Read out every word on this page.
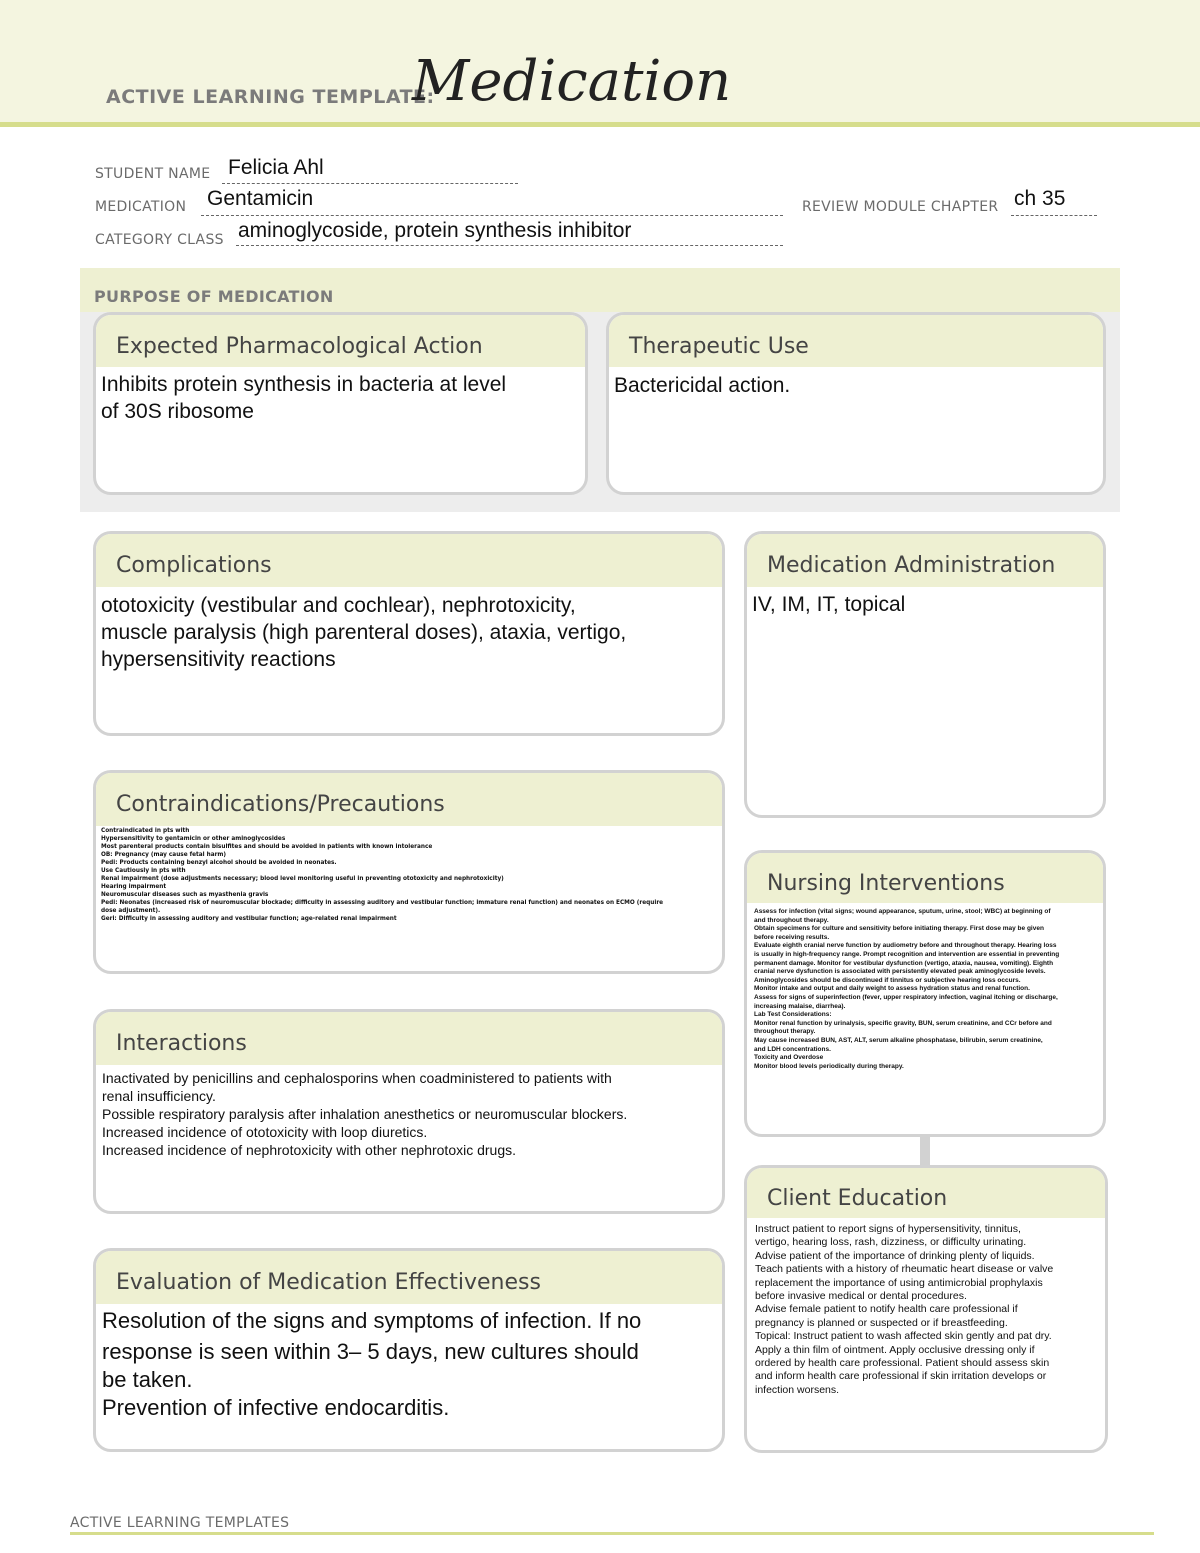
ACTIVE LEARNING TEMPLATE:
Medication
STUDENT NAME Felicia Ahl
MEDICATION Gentamicin	REVIEW MODULE CHAPTER ch 35
CATEGORY CLASS aminoglycoside, protein synthesis inhibitor
PURPOSE OF MEDICATION
Expected Pharmacological Action
Inhibits protein synthesis in bacteria at level
of 30S ribosome
Therapeutic Use
Bactericidal action.
Complications
ototoxicity (vestibular and cochlear), nephrotoxicity,
muscle paralysis (high parenteral doses), ataxia, vertigo,
hypersensitivity reactions
Medication Administration
IV, IM, IT, topical
Contraindications/Precautions
Contraindicated in pts with
Hypersensitivity to gentamicin or other aminoglycosides
Most parenteral products contain bisulfites and should be avoided in patients with known intolerance
OB: Pregnancy (may cause fetal harm)
Pedi: Products containing benzyl alcohol should be avoided in neonates.
Use Cautiously in pts with
Renal impairment (dose adjustments necessary; blood level monitoring useful in preventing ototoxicity and nephrotoxicity)
Hearing impairment
Neuromuscular diseases such as myasthenia gravis
Pedi: Neonates (increased risk of neuromuscular blockade; difficulty in assessing auditory and vestibular function; immature renal function) and neonates on ECMO (require
dose adjustment).
Geri: Difficulty in assessing auditory and vestibular function; age-related renal impairment
Nursing Interventions
Assess for infection (vital signs; wound appearance, sputum, urine, stool; WBC) at beginning of
and throughout therapy.
Obtain specimens for culture and sensitivity before initiating therapy. First dose may be given
before receiving results.
Evaluate eighth cranial nerve function by audiometry before and throughout therapy. Hearing loss
is usually in high-frequency range. Prompt recognition and intervention are essential in preventing
permanent damage. Monitor for vestibular dysfunction (vertigo, ataxia, nausea, vomiting). Eighth
cranial nerve dysfunction is associated with persistently elevated peak aminoglycoside levels.
Aminoglycosides should be discontinued if tinnitus or subjective hearing loss occurs.
Monitor intake and output and daily weight to assess hydration status and renal function.
Assess for signs of superinfection (fever, upper respiratory infection, vaginal itching or discharge,
increasing malaise, diarrhea).
Lab Test Considerations:
Monitor renal function by urinalysis, specific gravity, BUN, serum creatinine, and CCr before and
throughout therapy.
May cause increased BUN, AST, ALT, serum alkaline phosphatase, bilirubin, serum creatinine,
and LDH concentrations.
Toxicity and Overdose
Monitor blood levels periodically during therapy.
Interactions
Inactivated by penicillins and cephalosporins when coadministered to patients with
renal insufficiency.
Possible respiratory paralysis after inhalation anesthetics or neuromuscular blockers.
Increased incidence of ototoxicity with loop diuretics.
Increased incidence of nephrotoxicity with other nephrotoxic drugs.
Client Education
Instruct patient to report signs of hypersensitivity, tinnitus,
vertigo, hearing loss, rash, dizziness, or difficulty urinating.
Advise patient of the importance of drinking plenty of liquids.
Teach patients with a history of rheumatic heart disease or valve
replacement the importance of using antimicrobial prophylaxis
before invasive medical or dental procedures.
Advise female patient to notify health care professional if
pregnancy is planned or suspected or if breastfeeding.
Topical: Instruct patient to wash affected skin gently and pat dry.
Apply a thin film of ointment. Apply occlusive dressing only if
ordered by health care professional. Patient should assess skin
and inform health care professional if skin irritation develops or
infection worsens.
Evaluation of Medication Effectiveness
Resolution of the signs and symptoms of infection. If no
response is seen within 3– 5 days, new cultures should
be taken.
Prevention of infective endocarditis.
ACTIVE LEARNING TEMPLATES
